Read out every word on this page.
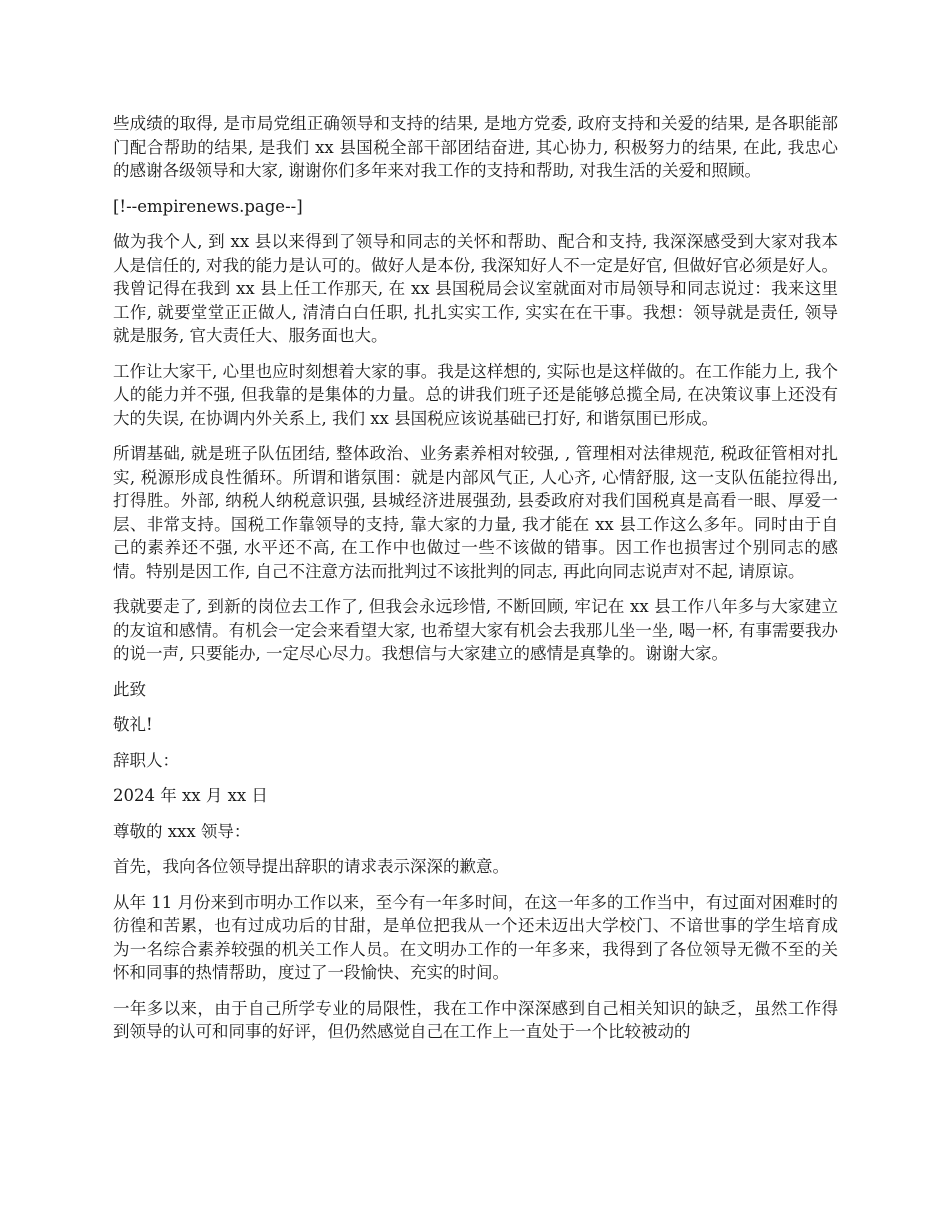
些成绩的取得, 是市局党组正确领导和支持的结果, 是地方党委, 政府支持和关爱的结果, 是各职能部门配合帮助的结果, 是我们 xx 县国税全部干部团结奋进, 其心协力, 积极努力的结果, 在此, 我忠心的感谢各级领导和大家, 谢谢你们多年来对我工作的支持和帮助, 对我生活的关爱和照顾。

[!--empirenews.page--]

做为我个人, 到 xx 县以来得到了领导和同志的关怀和帮助、配合和支持, 我深深感受到大家对我本人是信任的, 对我的能力是认可的。做好人是本份, 我深知好人不一定是好官, 但做好官必须是好人。我曾记得在我到 xx 县上任工作那天, 在 xx 县国税局会议室就面对市局领导和同志说过：我来这里工作, 就要堂堂正正做人, 清清白白任职, 扎扎实实工作, 实实在在干事。我想：领导就是责任, 领导就是服务, 官大责任大、服务面也大。

工作让大家干, 心里也应时刻想着大家的事。我是这样想的, 实际也是这样做的。在工作能力上, 我个人的能力并不强, 但我靠的是集体的力量。总的讲我们班子还是能够总揽全局, 在决策议事上还没有大的失误, 在协调内外关系上, 我们 xx 县国税应该说基础已打好, 和谐氛围已形成。

所谓基础, 就是班子队伍团结, 整体政治、业务素养相对较强, , 管理相对法律规范, 税政征管相对扎实, 税源形成良性循环。所谓和谐氛围：就是内部风气正, 人心齐, 心情舒服, 这一支队伍能拉得出, 打得胜。外部, 纳税人纳税意识强, 县城经济进展强劲, 县委政府对我们国税真是高看一眼、厚爱一层、非常支持。国税工作靠领导的支持, 靠大家的力量, 我才能在 xx 县工作这么多年。同时由于自己的素养还不强, 水平还不高, 在工作中也做过一些不该做的错事。因工作也损害过个别同志的感情。特别是因工作, 自己不注意方法而批判过不该批判的同志, 再此向同志说声对不起, 请原谅。

我就要走了, 到新的岗位去工作了, 但我会永远珍惜, 不断回顾, 牢记在 xx 县工作八年多与大家建立的友谊和感情。有机会一定会来看望大家, 也希望大家有机会去我那儿坐一坐, 喝一杯, 有事需要我办的说一声, 只要能办, 一定尽心尽力。我想信与大家建立的感情是真挚的。谢谢大家。

此致

敬礼!

辞职人：

2024 年 xx 月 xx 日

尊敬的 xxx 领导：

首先，我向各位领导提出辞职的请求表示深深的歉意。

从年 11 月份来到市明办工作以来，至今有一年多时间，在这一年多的工作当中，有过面对困难时的彷徨和苦累，也有过成功后的甘甜，是单位把我从一个还未迈出大学校门、不谙世事的学生培育成为一名综合素养较强的机关工作人员。在文明办工作的一年多来，我得到了各位领导无微不至的关怀和同事的热情帮助，度过了一段愉快、充实的时间。

一年多以来，由于自己所学专业的局限性，我在工作中深深感到自己相关知识的缺乏，虽然工作得到领导的认可和同事的好评，但仍然感觉自己在工作上一直处于一个比较被动的
